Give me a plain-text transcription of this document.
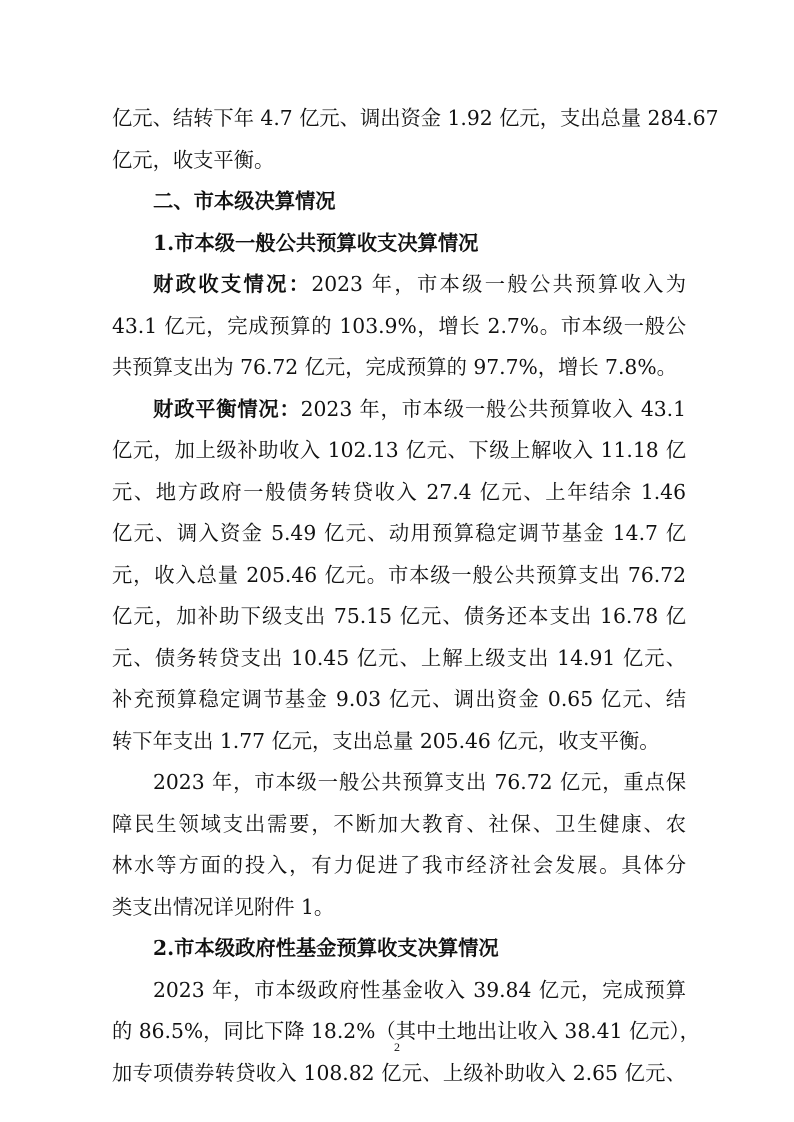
亿元、结转下年 4.7 亿元、调出资金 1.92 亿元，支出总量 284.67
亿元，收支平衡。
二、市本级决算情况
1.市本级一般公共预算收支决算情况
财政收支情况：2023 年，市本级一般公共预算收入为
43.1 亿元，完成预算的 103.9%，增长 2.7%。市本级一般公
共预算支出为 76.72 亿元，完成预算的 97.7%，增长 7.8%。
财政平衡情况：2023 年，市本级一般公共预算收入 43.1
亿元，加上级补助收入 102.13 亿元、下级上解收入 11.18 亿
元、地方政府一般债务转贷收入 27.4 亿元、上年结余 1.46
亿元、调入资金 5.49 亿元、动用预算稳定调节基金 14.7 亿
元，收入总量 205.46 亿元。市本级一般公共预算支出 76.72
亿元，加补助下级支出 75.15 亿元、债务还本支出 16.78 亿
元、债务转贷支出 10.45 亿元、上解上级支出 14.91 亿元、
补充预算稳定调节基金 9.03 亿元、调出资金 0.65 亿元、结
转下年支出 1.77 亿元，支出总量 205.46 亿元，收支平衡。
2023 年，市本级一般公共预算支出 76.72 亿元，重点保
障民生领域支出需要，不断加大教育、社保、卫生健康、农
林水等方面的投入，有力促进了我市经济社会发展。具体分
类支出情况详见附件 1。
2.市本级政府性基金预算收支决算情况
2023 年，市本级政府性基金收入 39.84 亿元，完成预算
的 86.5%，同比下降 18.2%（其中土地出让收入 38.41 亿元），
加专项债券转贷收入 108.82 亿元、上级补助收入 2.65 亿元、
2
